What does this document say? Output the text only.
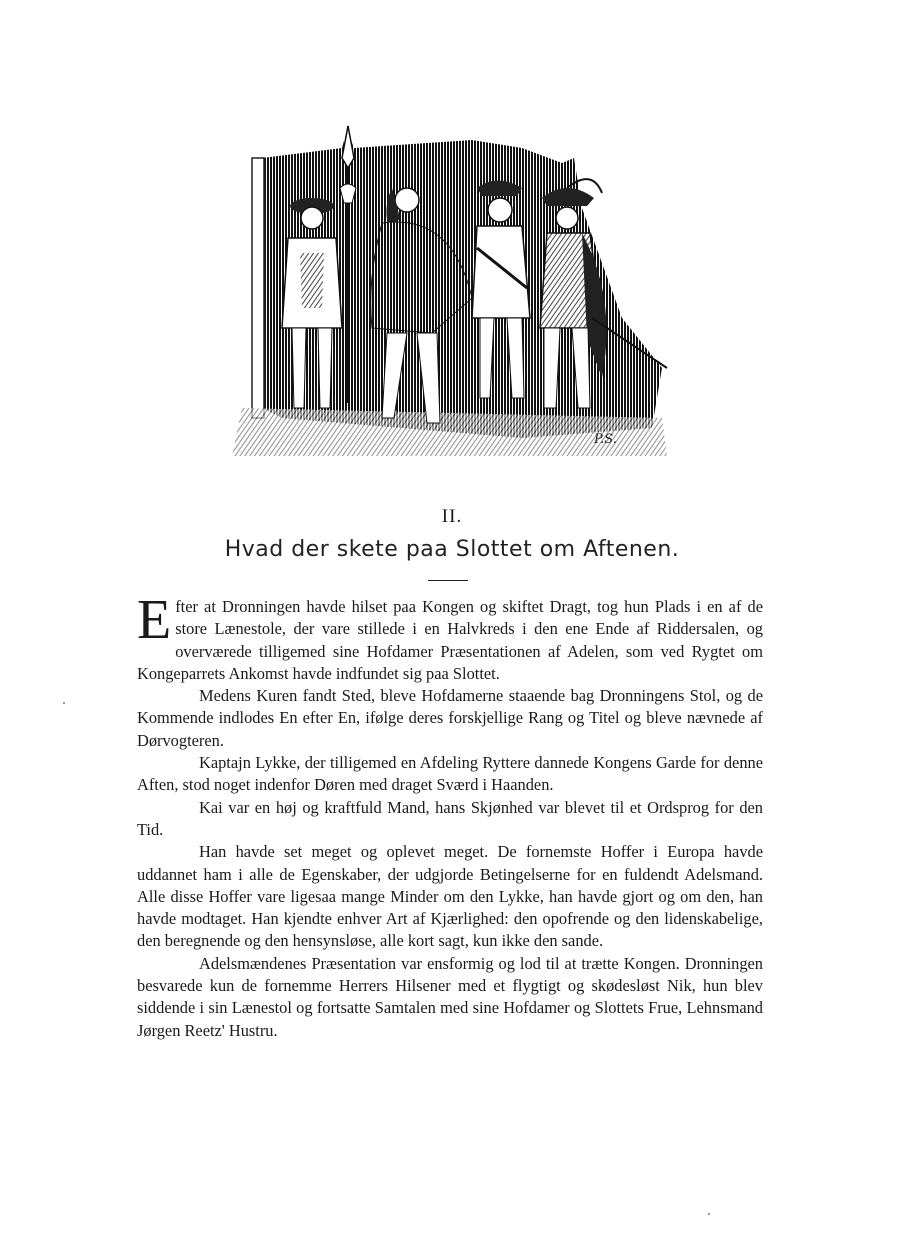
P.S.
II.
Hvad der skete paa Slottet om Aftenen.

Efter at Dronningen havde hilset paa Kongen og skiftet Dragt, tog hun Plads i en af de store Lænestole, der vare stillede i en Halvkreds i den ene Ende af Riddersalen, og overværede tilligemed sine Hofdamer Præsentationen af Adelen, som ved Rygtet om Kongeparrets Ankomst havde indfundet sig paa Slottet.

Medens Kuren fandt Sted, bleve Hofdamerne staaende bag Dronningens Stol, og de Kommende indlodes En efter En, ifølge deres forskjellige Rang og Titel og bleve nævnede af Dørvogteren.

Kaptajn Lykke, der tilligemed en Afdeling Ryttere dannede Kongens Garde for denne Aften, stod noget indenfor Døren med draget Sværd i Haanden.

Kai var en høj og kraftfuld Mand, hans Skjønhed var blevet til et Ordsprog for den Tid.

Han havde set meget og oplevet meget. De fornemste Hoffer i Europa havde uddannet ham i alle de Egenskaber, der udgjorde Betingelserne for en fuldendt Adelsmand. Alle disse Hoffer vare ligesaa mange Minder om den Lykke, han havde gjort og om den, han havde modtaget. Han kjendte enhver Art af Kjærlighed: den opofrende og den lidenskabelige, den beregnende og den hensynsløse, alle kort sagt, kun ikke den sande.

Adelsmændenes Præsentation var ensformig og lod til at trætte Kongen. Dronningen besvarede kun de fornemme Herrers Hilsener med et flygtigt og skødesløst Nik, hun blev siddende i sin Lænestol og fortsatte Samtalen med sine Hofdamer og Slottets Frue, Lehnsmand Jørgen Reetz' Hustru.
